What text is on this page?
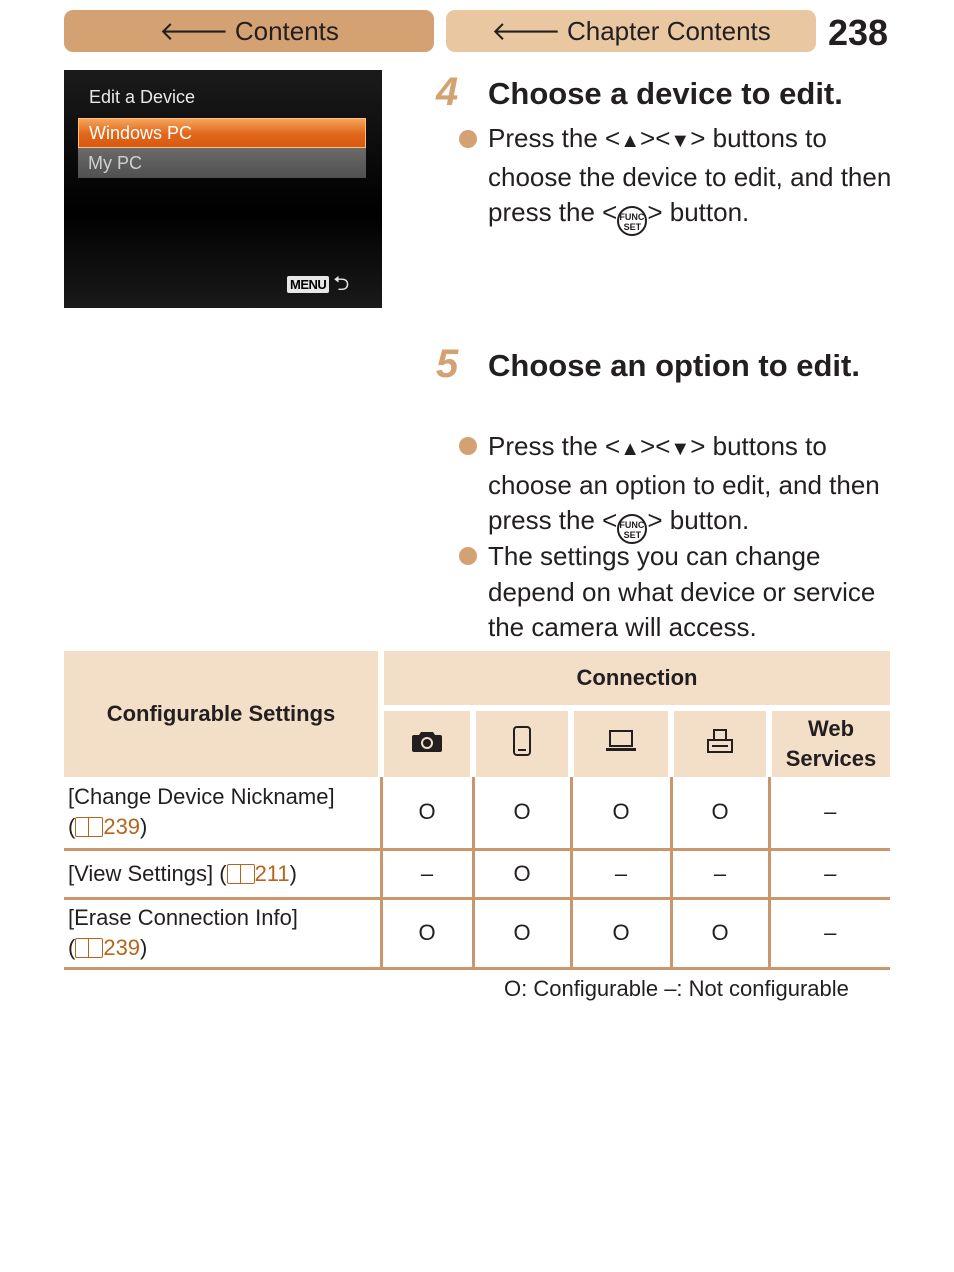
🡐 Contents	🡐 Chapter Contents 238
Edit a Device
Windows PC
My PC
MENU ⮌
4 Choose a device to edit.
Press the <▲><▼> buttons to choose the device to edit, and then press the < FUNC.
SET > button.
5 Choose an option to edit.
Press the <▲><▼> buttons to choose an option to edit, and then press the < FUNC.
SET > button.
The settings you can change depend on what device or service the camera will access.
Configurable Settings	Connection				
				Web
Services
[Change Device Nickname]
( 239)	O	O	O	O	–
[View Settings] ( 211)	–	O	–	–	–
[Erase Connection Info]
( 239)	O	O	O	O	–
O: Configurable –: Not configurable
